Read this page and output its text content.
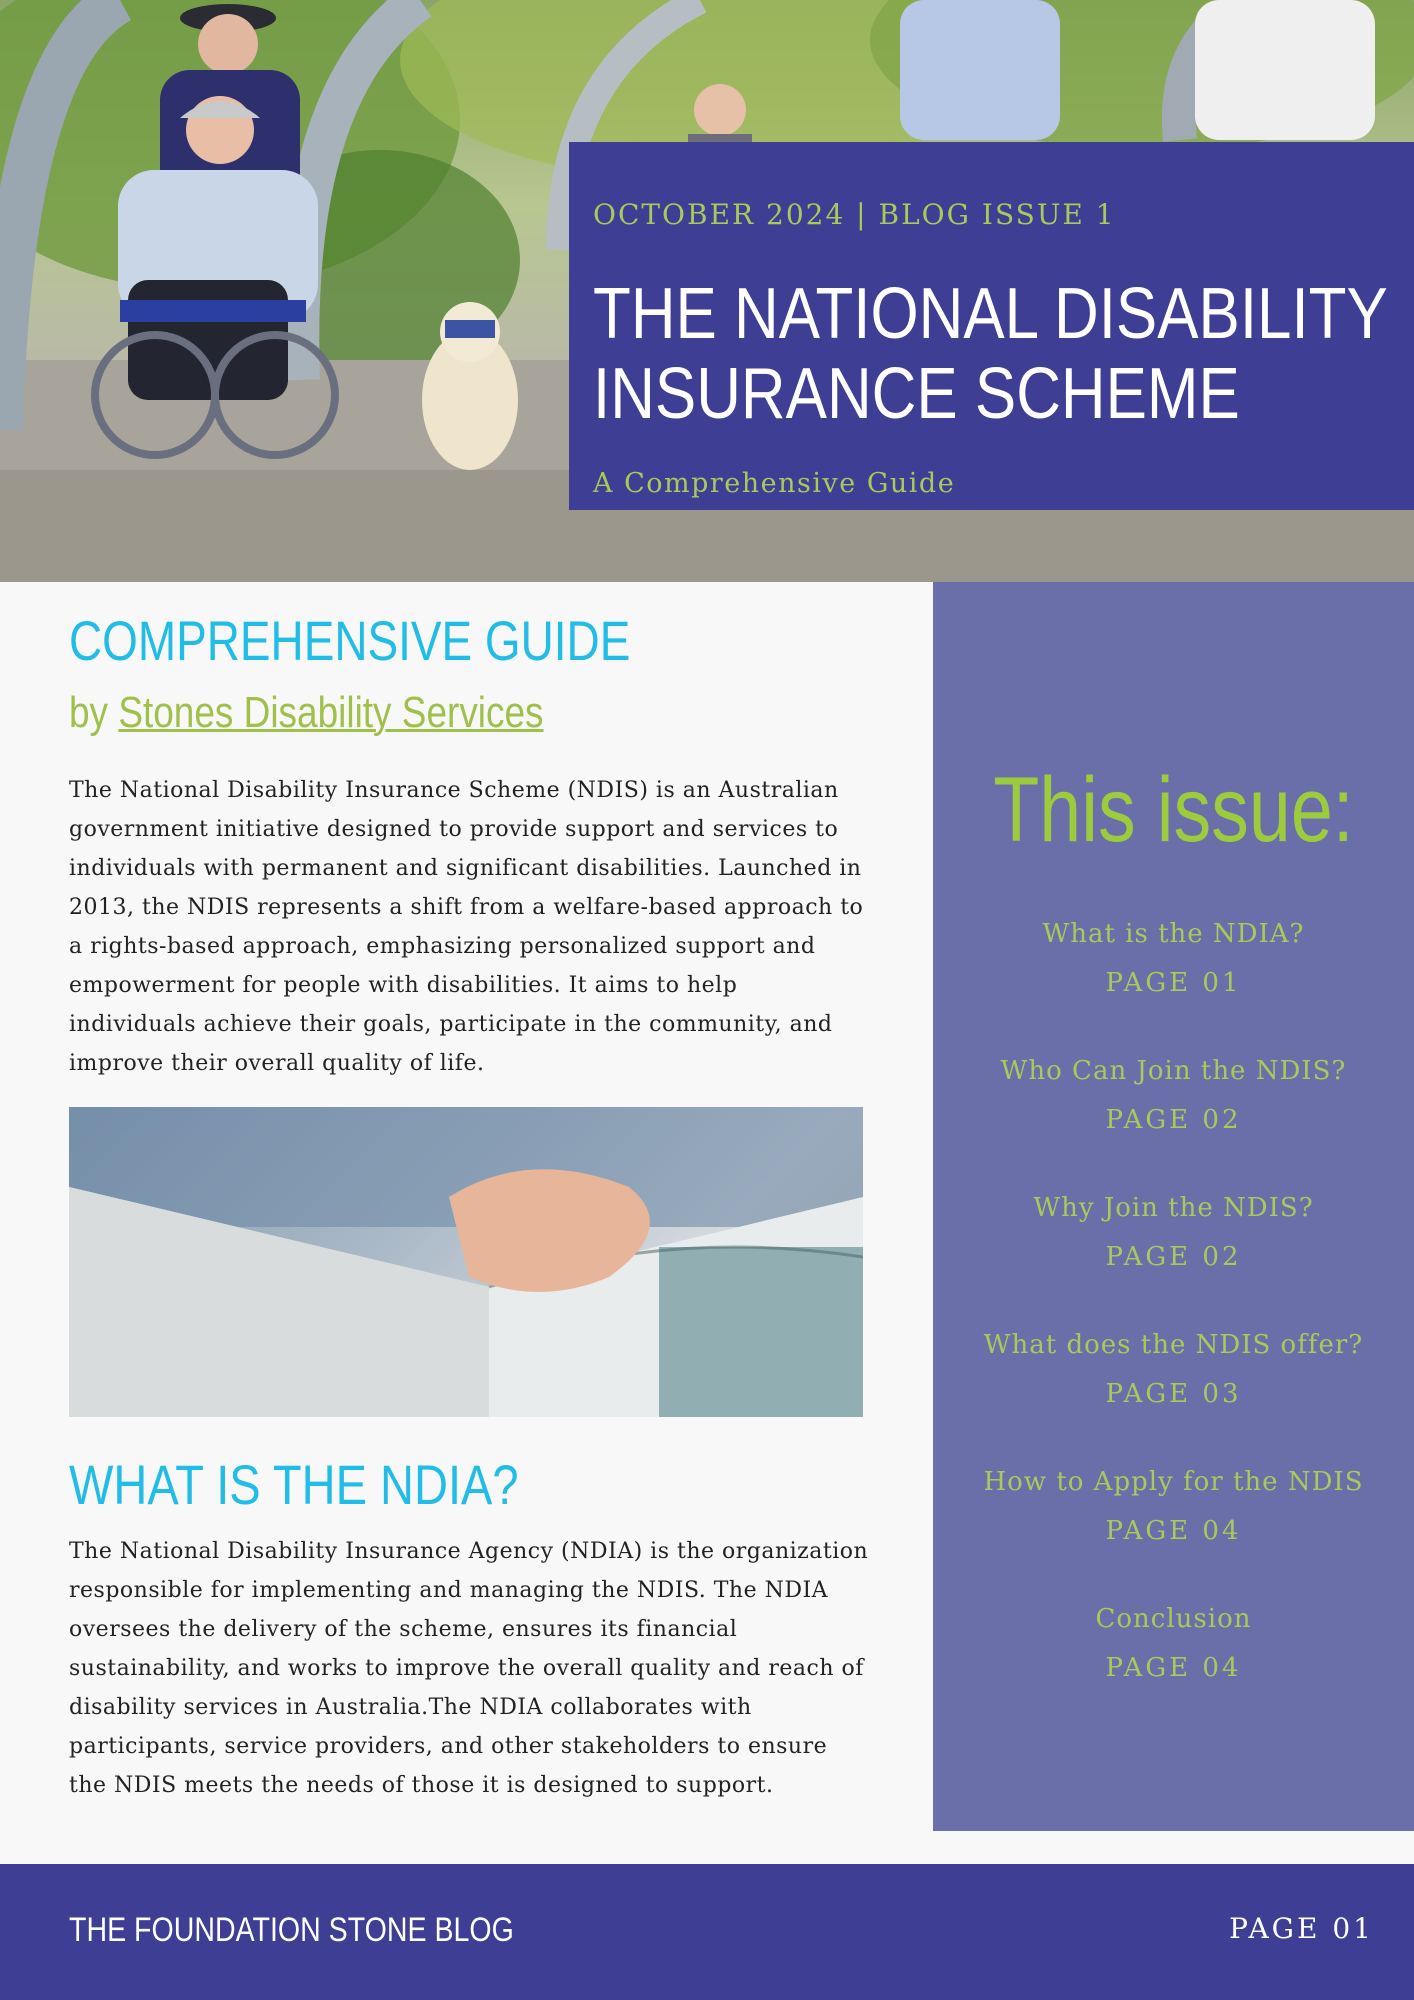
OCTOBER 2024 | BLOG ISSUE 1
THE NATIONAL DISABILITY
INSURANCE SCHEME
A Comprehensive Guide
COMPREHENSIVE GUIDE
by Stones Disability Services

The National Disability Insurance Scheme (NDIS) is an Australian government initiative designed to provide support and services to individuals with permanent and significant disabilities. Launched in 2013, the NDIS represents a shift from a welfare-based approach to a rights-based approach, emphasizing personalized support and empowerment for people with disabilities. It aims to help individuals achieve their goals, participate in the community, and improve their overall quality of life.

WHAT IS THE NDIA?

The National Disability Insurance Agency (NDIA) is the organization responsible for implementing and managing the NDIS. The NDIA oversees the delivery of the scheme, ensures its financial sustainability, and works to improve the overall quality and reach of disability services in Australia.The NDIA collaborates with participants, service providers, and other stakeholders to ensure the NDIS meets the needs of those it is designed to support.

This issue:
What is the NDIA?
PAGE 01
Who Can Join the NDIS?
PAGE 02
Why Join the NDIS?
PAGE 02
What does the NDIS offer?
PAGE 03
How to Apply for the NDIS
PAGE 04
Conclusion
PAGE 04
THE FOUNDATION STONE BLOG	PAGE 01
